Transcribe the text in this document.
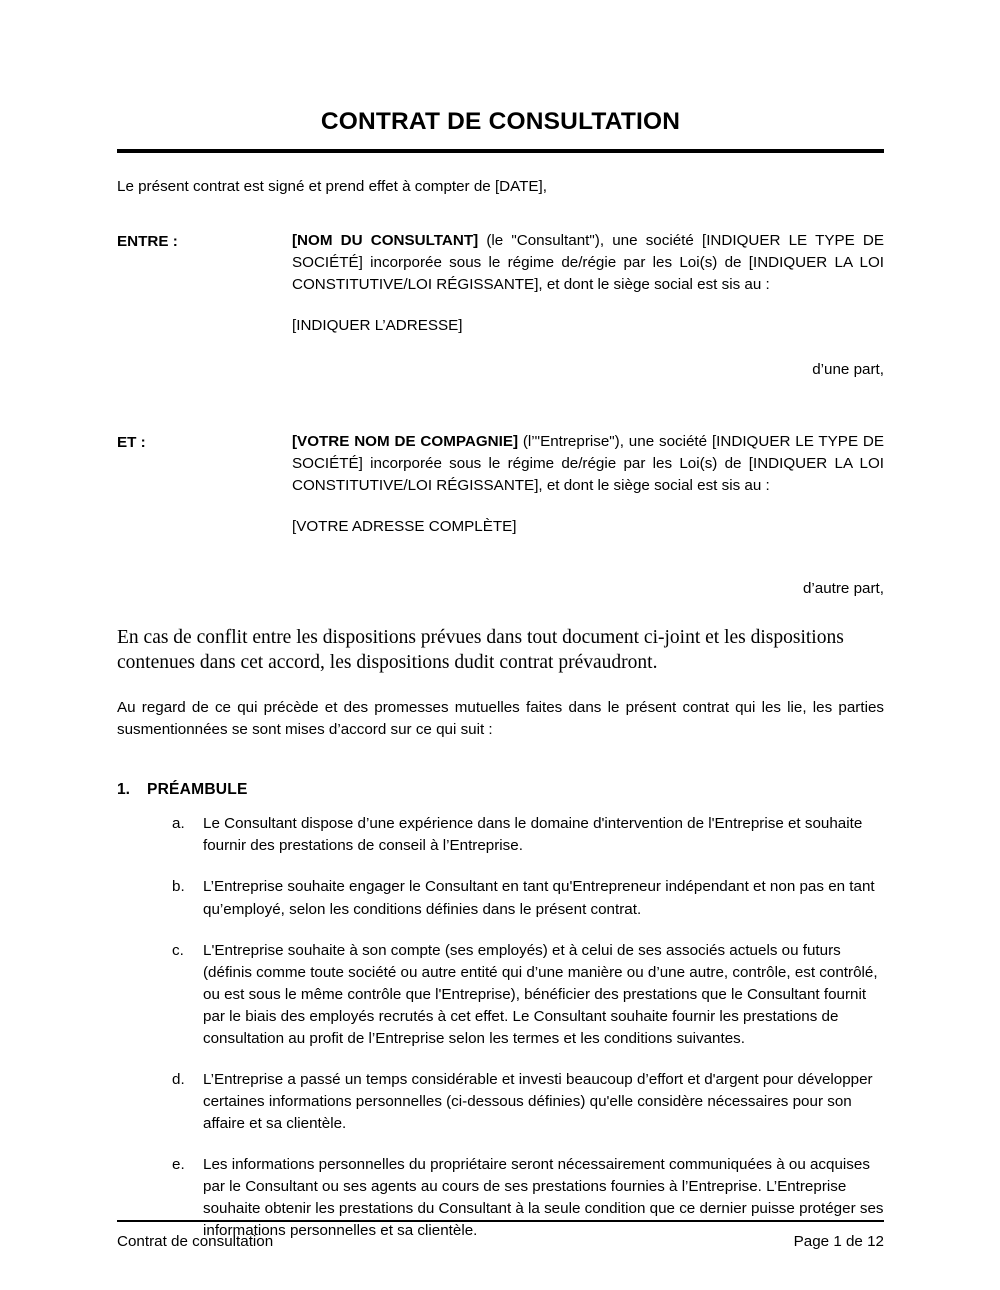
CONTRAT DE CONSULTATION

Le présent contrat est signé et prend effet à compter de [DATE],

ENTRE :	[NOM DU CONSULTANT] (le "Consultant"), une société [INDIQUER LE TYPE DE SOCIÉTÉ] incorporée sous le régime de/régie par les Loi(s) de [INDIQUER LA LOI CONSTITUTIVE/LOI RÉGISSANTE], et dont le siège social est sis au :

[INDIQUER L’ADRESSE]

d’une part,
ET :	[VOTRE NOM DE COMPAGNIE] (l’"Entreprise"), une société [INDIQUER LE TYPE DE SOCIÉTÉ] incorporée sous le régime de/régie par les Loi(s) de [INDIQUER LA LOI CONSTITUTIVE/LOI RÉGISSANTE], et dont le siège social est sis au :

[VOTRE ADRESSE COMPLÈTE]

d’autre part,

En cas de conflit entre les dispositions prévues dans tout document ci-joint et les dispositions contenues dans cet accord, les dispositions dudit contrat prévaudront.

Au regard de ce qui précède et des promesses mutuelles faites dans le présent contrat qui les lie, les parties susmentionnées se sont mises d’accord sur ce qui suit :

1.	PRÉAMBULE
a.	Le Consultant dispose d’une expérience dans le domaine d'intervention de l'Entreprise et souhaite fournir des prestations de conseil à l’Entreprise.
b.	L’Entreprise souhaite engager le Consultant en tant qu'Entrepreneur indépendant et non pas en tant qu’employé, selon les conditions définies dans le présent contrat.
c.	L'Entreprise souhaite à son compte (ses employés) et à celui de ses associés actuels ou futurs (définis comme toute société ou autre entité qui d’une manière ou d’une autre, contrôle, est contrôlé, ou est sous le même contrôle que l'Entreprise), bénéficier des prestations que le Consultant fournit par le biais des employés recrutés à cet effet. Le Consultant souhaite fournir les prestations de consultation au profit de l’Entreprise selon les termes et les conditions suivantes.
d.	L’Entreprise a passé un temps considérable et investi beaucoup d’effort et d'argent pour développer certaines informations personnelles (ci-dessous définies) qu'elle considère nécessaires pour son affaire et sa clientèle.
e.	Les informations personnelles du propriétaire seront nécessairement communiquées à ou acquises par le Consultant ou ses agents au cours de ses prestations fournies à l’Entreprise. L’Entreprise souhaite obtenir les prestations du Consultant à la seule condition que ce dernier puisse protéger ses informations personnelles et sa clientèle.
Contrat de consultation	Page 1 de 12
